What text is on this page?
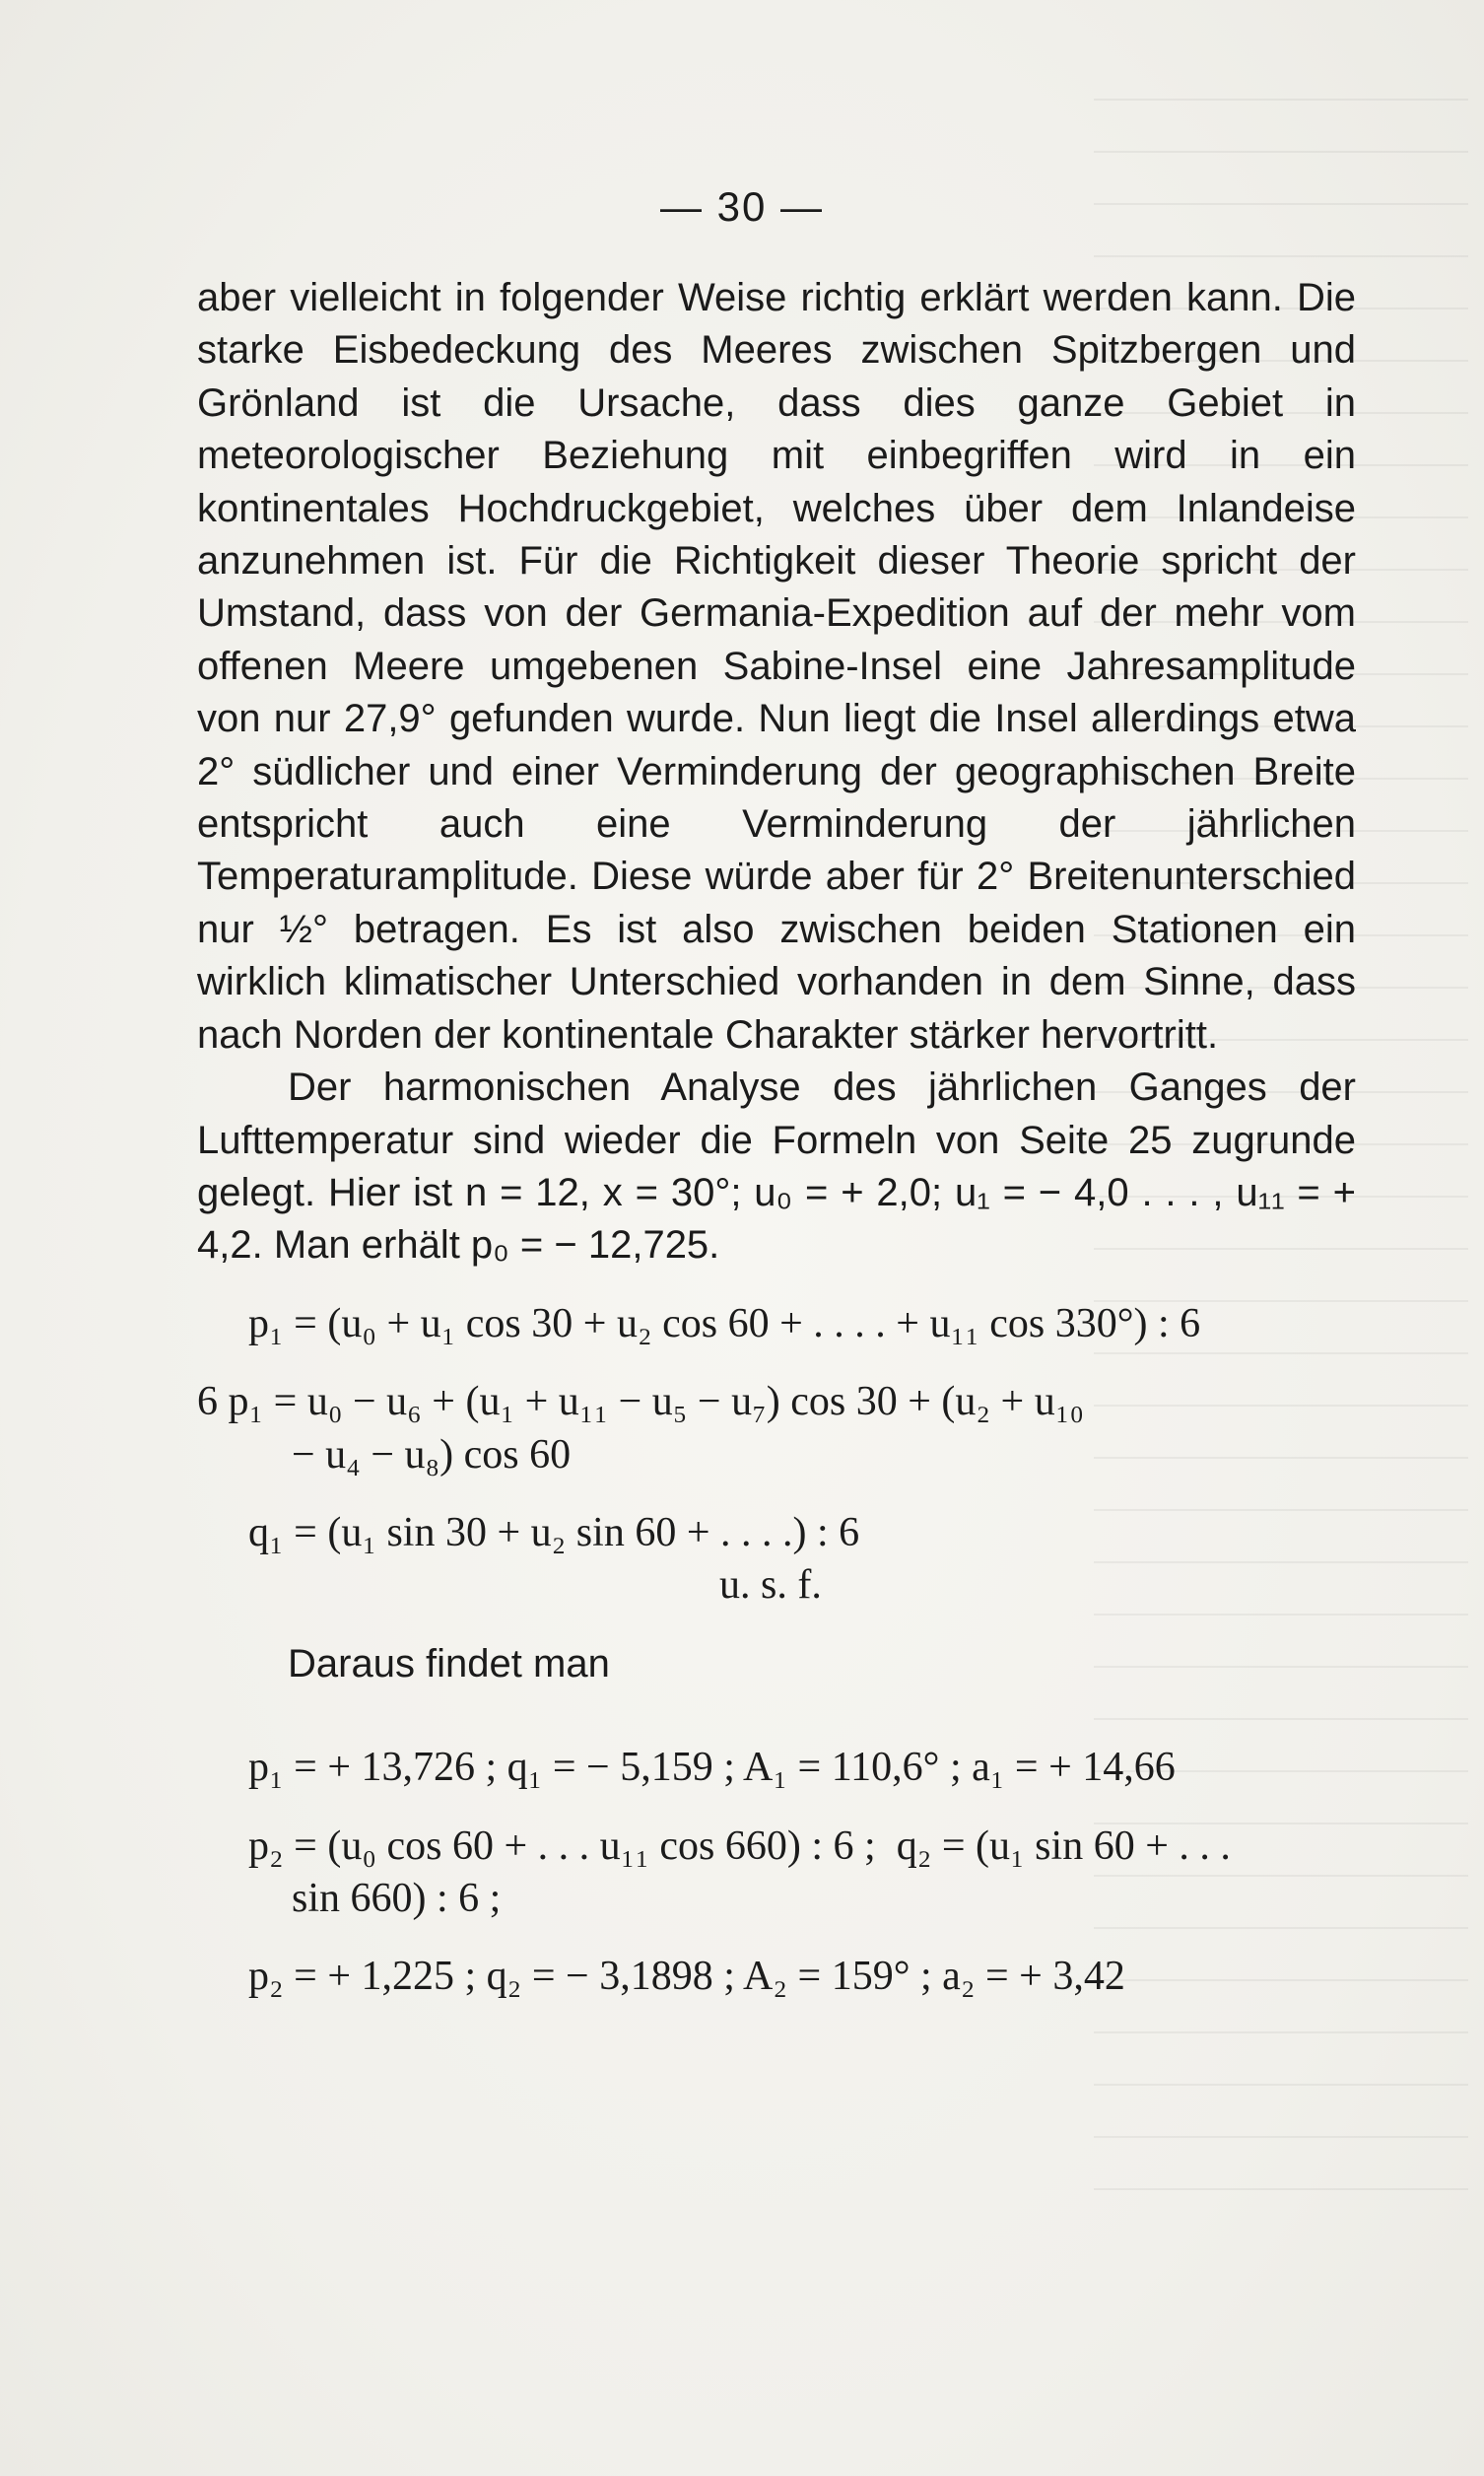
— 30 —

aber vielleicht in folgender Weise richtig erklärt werden kann. Die starke Eisbedeckung des Meeres zwischen Spitzbergen und Grönland ist die Ursache, dass dies ganze Gebiet in meteorologischer Beziehung mit einbegriffen wird in ein kontinentales Hochdruckgebiet, welches über dem Inlandeise anzunehmen ist. Für die Richtigkeit dieser Theorie spricht der Umstand, dass von der Germania-Expedition auf der mehr vom offenen Meere umgebenen Sabine-Insel eine Jahresamplitude von nur 27,9° gefunden wurde. Nun liegt die Insel allerdings etwa 2° südlicher und einer Verminderung der geographischen Breite entspricht auch eine Verminderung der jährlichen Temperaturamplitude. Diese würde aber für 2° Breitenunterschied nur ½° betragen. Es ist also zwischen beiden Stationen ein wirklich klimatischer Unterschied vorhanden in dem Sinne, dass nach Norden der kontinentale Charakter stärker hervortritt.

Der harmonischen Analyse des jährlichen Ganges der Lufttemperatur sind wieder die Formeln von Seite 25 zugrunde gelegt. Hier ist n = 12, x = 30°; u₀ = + 2,0; u₁ = − 4,0 . . . , u₁₁ = + 4,2. Man erhält p₀ = − 12,725.

p₁ = (u₀ + u₁ cos 30 + u₂ cos 60 + . . . . + u₁₁ cos 330°) : 6
6 p₁ = u₀ − u₆ + (u₁ + u₁₁ − u₅ − u₇) cos 30 + (u₂ + u₁₀
− u₄ − u₈) cos 60
q₁ = (u₁ sin 30 + u₂ sin 60 + . . . .) : 6
u. s. f.
Daraus findet man
p₁ = + 13,726 ; q₁ = − 5,159 ; A₁ = 110,6° ; a₁ = + 14,66
p₂ = (u₀ cos 60 + . . . u₁₁ cos 660) : 6 ;  q₂ = (u₁ sin 60 + . . .
sin 660) : 6 ;
p₂ = + 1,225 ; q₂ = − 3,1898 ; A₂ = 159° ; a₂ = + 3,42
